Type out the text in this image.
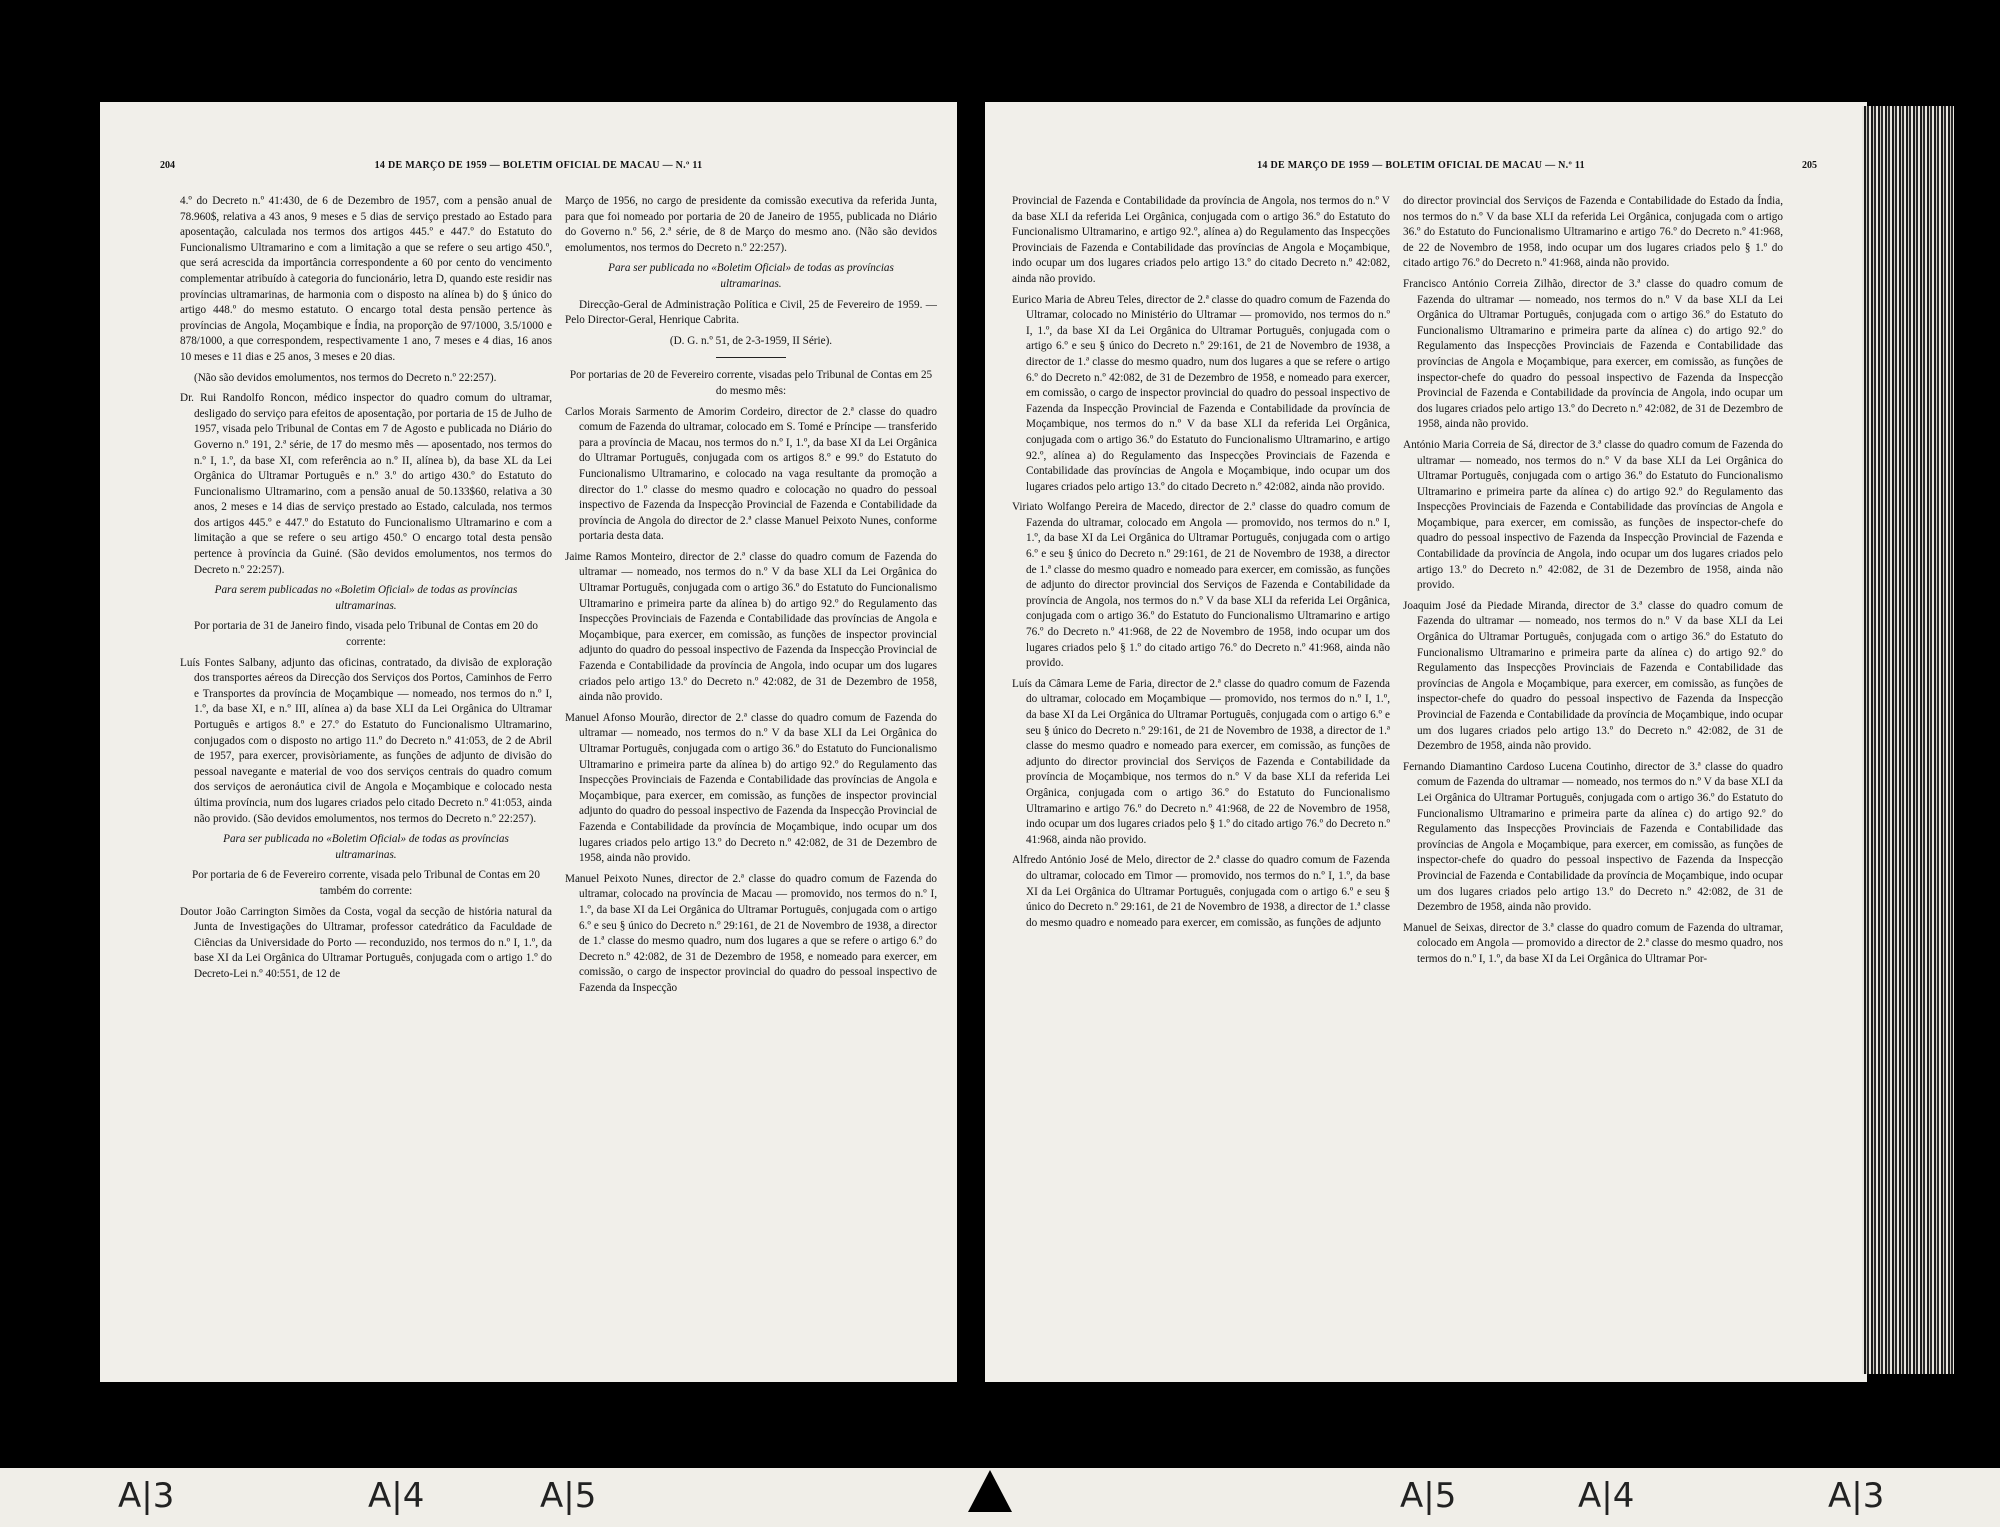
204	14 DE MARÇO DE 1959 — BOLETIM OFICIAL DE MACAU — N.º 11

4.º do Decreto n.º 41:430, de 6 de Dezembro de 1957, com a pensão anual de 78.960$, relativa a 43 anos, 9 meses e 5 dias de serviço prestado ao Estado para aposentação, calculada nos termos dos artigos 445.º e 447.º do Estatuto do Funcionalismo Ultramarino e com a limitação a que se refere o seu artigo 450.º, que será acrescida da importância correspondente a 60 por cento do vencimento complementar atribuído à categoria do funcionário, letra D, quando este residir nas províncias ultramarinas, de harmonia com o disposto na alínea b) do § único do artigo 448.º do mesmo estatuto. O encargo total desta pensão pertence às províncias de Angola, Moçambique e Índia, na proporção de 97/1000, 3.5/1000 e 878/1000, a que correspondem, respectivamente 1 ano, 7 meses e 4 dias, 16 anos 10 meses e 11 dias e 25 anos, 3 meses e 20 dias.

(Não são devidos emolumentos, nos termos do Decreto n.º 22:257).

Dr. Rui Randolfo Roncon, médico inspector do quadro comum do ultramar, desligado do serviço para efeitos de aposentação, por portaria de 15 de Julho de 1957, visada pelo Tribunal de Contas em 7 de Agosto e publicada no Diário do Governo n.º 191, 2.ª série, de 17 do mesmo mês — aposentado, nos termos do n.º I, 1.º, da base XI, com referência ao n.º II, alínea b), da base XL da Lei Orgânica do Ultramar Português e n.º 3.º do artigo 430.º do Estatuto do Funcionalismo Ultramarino, com a pensão anual de 50.133$60, relativa a 30 anos, 2 meses e 14 dias de serviço prestado ao Estado, calculada, nos termos dos artigos 445.º e 447.º do Estatuto do Funcionalismo Ultramarino e com a limitação a que se refere o seu artigo 450.º O encargo total desta pensão pertence à província da Guiné. (São devidos emolumentos, nos termos do Decreto n.º 22:257).

Para serem publicadas no «Boletim Oficial» de todas as províncias ultramarinas.

Por portaria de 31 de Janeiro findo, visada pelo Tribunal de Contas em 20 do corrente:

Luís Fontes Salbany, adjunto das oficinas, contratado, da divisão de exploração dos transportes aéreos da Direcção dos Serviços dos Portos, Caminhos de Ferro e Transportes da província de Moçambique — nomeado, nos termos do n.º I, 1.º, da base XI, e n.º III, alínea a) da base XLI da Lei Orgânica do Ultramar Português e artigos 8.º e 27.º do Estatuto do Funcionalismo Ultramarino, conjugados com o disposto no artigo 11.º do Decreto n.º 41:053, de 2 de Abril de 1957, para exercer, provisòriamente, as funções de adjunto de divisão do pessoal navegante e material de voo dos serviços centrais do quadro comum dos serviços de aeronáutica civil de Angola e Moçambique e colocado nesta última província, num dos lugares criados pelo citado Decreto n.º 41:053, ainda não provido. (São devidos emolumentos, nos termos do Decreto n.º 22:257).

Para ser publicada no «Boletim Oficial» de todas as províncias ultramarinas.

Por portaria de 6 de Fevereiro corrente, visada pelo Tribunal de Contas em 20 também do corrente:

Doutor João Carrington Simões da Costa, vogal da secção de história natural da Junta de Investigações do Ultramar, professor catedrático da Faculdade de Ciências da Universidade do Porto — reconduzido, nos termos do n.º I, 1.º, da base XI da Lei Orgânica do Ultramar Português, conjugada com o artigo 1.º do Decreto-Lei n.º 40:551, de 12 de

Março de 1956, no cargo de presidente da comissão executiva da referida Junta, para que foi nomeado por portaria de 20 de Janeiro de 1955, publicada no Diário do Governo n.º 56, 2.ª série, de 8 de Março do mesmo ano. (Não são devidos emolumentos, nos termos do Decreto n.º 22:257).

Para ser publicada no «Boletim Oficial» de todas as províncias ultramarinas.

Direcção-Geral de Administração Política e Civil, 25 de Fevereiro de 1959. — Pelo Director-Geral, Henrique Cabrita.

(D. G. n.º 51, de 2-3-1959, II Série).

Por portarias de 20 de Fevereiro corrente, visadas pelo Tribunal de Contas em 25 do mesmo mês:

Carlos Morais Sarmento de Amorim Cordeiro, director de 2.ª classe do quadro comum de Fazenda do ultramar, colocado em S. Tomé e Príncipe — transferido para a província de Macau, nos termos do n.º I, 1.º, da base XI da Lei Orgânica do Ultramar Português, conjugada com os artigos 8.º e 99.º do Estatuto do Funcionalismo Ultramarino, e colocado na vaga resultante da promoção a director do 1.º classe do mesmo quadro e colocação no quadro do pessoal inspectivo de Fazenda da Inspecção Provincial de Fazenda e Contabilidade da província de Angola do director de 2.ª classe Manuel Peixoto Nunes, conforme portaria desta data.

Jaime Ramos Monteiro, director de 2.ª classe do quadro comum de Fazenda do ultramar — nomeado, nos termos do n.º V da base XLI da Lei Orgânica do Ultramar Português, conjugada com o artigo 36.º do Estatuto do Funcionalismo Ultramarino e primeira parte da alínea b) do artigo 92.º do Regulamento das Inspecções Provinciais de Fazenda e Contabilidade das províncias de Angola e Moçambique, para exercer, em comissão, as funções de inspector provincial adjunto do quadro do pessoal inspectivo de Fazenda da Inspecção Provincial de Fazenda e Contabilidade da província de Angola, indo ocupar um dos lugares criados pelo artigo 13.º do Decreto n.º 42:082, de 31 de Dezembro de 1958, ainda não provido.

Manuel Afonso Mourão, director de 2.ª classe do quadro comum de Fazenda do ultramar — nomeado, nos termos do n.º V da base XLI da Lei Orgânica do Ultramar Português, conjugada com o artigo 36.º do Estatuto do Funcionalismo Ultramarino e primeira parte da alínea b) do artigo 92.º do Regulamento das Inspecções Provinciais de Fazenda e Contabilidade das províncias de Angola e Moçambique, para exercer, em comissão, as funções de inspector provincial adjunto do quadro do pessoal inspectivo de Fazenda da Inspecção Provincial de Fazenda e Contabilidade da província de Moçambique, indo ocupar um dos lugares criados pelo artigo 13.º do Decreto n.º 42:082, de 31 de Dezembro de 1958, ainda não provido.

Manuel Peixoto Nunes, director de 2.ª classe do quadro comum de Fazenda do ultramar, colocado na província de Macau — promovido, nos termos do n.º I, 1.º, da base XI da Lei Orgânica do Ultramar Português, conjugada com o artigo 6.º e seu § único do Decreto n.º 29:161, de 21 de Novembro de 1938, a director de 1.ª classe do mesmo quadro, num dos lugares a que se refere o artigo 6.º do Decreto n.º 42:082, de 31 de Dezembro de 1958, e nomeado para exercer, em comissão, o cargo de inspector provincial do quadro do pessoal inspectivo de Fazenda da Inspecção

14 DE MARÇO DE 1959 — BOLETIM OFICIAL DE MACAU — N.º 11	205

Provincial de Fazenda e Contabilidade da província de Angola, nos termos do n.º V da base XLI da referida Lei Orgânica, conjugada com o artigo 36.º do Estatuto do Funcionalismo Ultramarino, e artigo 92.º, alínea a) do Regulamento das Inspecções Provinciais de Fazenda e Contabilidade das províncias de Angola e Moçambique, indo ocupar um dos lugares criados pelo artigo 13.º do citado Decreto n.º 42:082, ainda não provido.

Eurico Maria de Abreu Teles, director de 2.ª classe do quadro comum de Fazenda do Ultramar, colocado no Ministério do Ultramar — promovido, nos termos do n.º I, 1.º, da base XI da Lei Orgânica do Ultramar Português, conjugada com o artigo 6.º e seu § único do Decreto n.º 29:161, de 21 de Novembro de 1938, a director de 1.ª classe do mesmo quadro, num dos lugares a que se refere o artigo 6.º do Decreto n.º 42:082, de 31 de Dezembro de 1958, e nomeado para exercer, em comissão, o cargo de inspector provincial do quadro do pessoal inspectivo de Fazenda da Inspecção Provincial de Fazenda e Contabilidade da província de Moçambique, nos termos do n.º V da base XLI da referida Lei Orgânica, conjugada com o artigo 36.º do Estatuto do Funcionalismo Ultramarino, e artigo 92.º, alínea a) do Regulamento das Inspecções Provinciais de Fazenda e Contabilidade das províncias de Angola e Moçambique, indo ocupar um dos lugares criados pelo artigo 13.º do citado Decreto n.º 42:082, ainda não provido.

Viriato Wolfango Pereira de Macedo, director de 2.ª classe do quadro comum de Fazenda do ultramar, colocado em Angola — promovido, nos termos do n.º I, 1.º, da base XI da Lei Orgânica do Ultramar Português, conjugada com o artigo 6.º e seu § único do Decreto n.º 29:161, de 21 de Novembro de 1938, a director de 1.ª classe do mesmo quadro e nomeado para exercer, em comissão, as funções de adjunto do director provincial dos Serviços de Fazenda e Contabilidade da província de Angola, nos termos do n.º V da base XLI da referida Lei Orgânica, conjugada com o artigo 36.º do Estatuto do Funcionalismo Ultramarino e artigo 76.º do Decreto n.º 41:968, de 22 de Novembro de 1958, indo ocupar um dos lugares criados pelo § 1.º do citado artigo 76.º do Decreto n.º 41:968, ainda não provido.

Luís da Câmara Leme de Faria, director de 2.ª classe do quadro comum de Fazenda do ultramar, colocado em Moçambique — promovido, nos termos do n.º I, 1.º, da base XI da Lei Orgânica do Ultramar Português, conjugada com o artigo 6.º e seu § único do Decreto n.º 29:161, de 21 de Novembro de 1938, a director de 1.ª classe do mesmo quadro e nomeado para exercer, em comissão, as funções de adjunto do director provincial dos Serviços de Fazenda e Contabilidade da província de Moçambique, nos termos do n.º V da base XLI da referida Lei Orgânica, conjugada com o artigo 36.º do Estatuto do Funcionalismo Ultramarino e artigo 76.º do Decreto n.º 41:968, de 22 de Novembro de 1958, indo ocupar um dos lugares criados pelo § 1.º do citado artigo 76.º do Decreto n.º 41:968, ainda não provido.

Alfredo António José de Melo, director de 2.ª classe do quadro comum de Fazenda do ultramar, colocado em Timor — promovido, nos termos do n.º I, 1.º, da base XI da Lei Orgânica do Ultramar Português, conjugada com o artigo 6.º e seu § único do Decreto n.º 29:161, de 21 de Novembro de 1938, a director de 1.ª classe do mesmo quadro e nomeado para exercer, em comissão, as funções de adjunto

do director provincial dos Serviços de Fazenda e Contabilidade do Estado da Índia, nos termos do n.º V da base XLI da referida Lei Orgânica, conjugada com o artigo 36.º do Estatuto do Funcionalismo Ultramarino e artigo 76.º do Decreto n.º 41:968, de 22 de Novembro de 1958, indo ocupar um dos lugares criados pelo § 1.º do citado artigo 76.º do Decreto n.º 41:968, ainda não provido.

Francisco António Correia Zilhão, director de 3.ª classe do quadro comum de Fazenda do ultramar — nomeado, nos termos do n.º V da base XLI da Lei Orgânica do Ultramar Português, conjugada com o artigo 36.º do Estatuto do Funcionalismo Ultramarino e primeira parte da alínea c) do artigo 92.º do Regulamento das Inspecções Provinciais de Fazenda e Contabilidade das províncias de Angola e Moçambique, para exercer, em comissão, as funções de inspector-chefe do quadro do pessoal inspectivo de Fazenda da Inspecção Provincial de Fazenda e Contabilidade da província de Angola, indo ocupar um dos lugares criados pelo artigo 13.º do Decreto n.º 42:082, de 31 de Dezembro de 1958, ainda não provido.

António Maria Correia de Sá, director de 3.ª classe do quadro comum de Fazenda do ultramar — nomeado, nos termos do n.º V da base XLI da Lei Orgânica do Ultramar Português, conjugada com o artigo 36.º do Estatuto do Funcionalismo Ultramarino e primeira parte da alínea c) do artigo 92.º do Regulamento das Inspecções Provinciais de Fazenda e Contabilidade das províncias de Angola e Moçambique, para exercer, em comissão, as funções de inspector-chefe do quadro do pessoal inspectivo de Fazenda da Inspecção Provincial de Fazenda e Contabilidade da província de Angola, indo ocupar um dos lugares criados pelo artigo 13.º do Decreto n.º 42:082, de 31 de Dezembro de 1958, ainda não provido.

Joaquim José da Piedade Miranda, director de 3.ª classe do quadro comum de Fazenda do ultramar — nomeado, nos termos do n.º V da base XLI da Lei Orgânica do Ultramar Português, conjugada com o artigo 36.º do Estatuto do Funcionalismo Ultramarino e primeira parte da alínea c) do artigo 92.º do Regulamento das Inspecções Provinciais de Fazenda e Contabilidade das províncias de Angola e Moçambique, para exercer, em comissão, as funções de inspector-chefe do quadro do pessoal inspectivo de Fazenda da Inspecção Provincial de Fazenda e Contabilidade da província de Moçambique, indo ocupar um dos lugares criados pelo artigo 13.º do Decreto n.º 42:082, de 31 de Dezembro de 1958, ainda não provido.

Fernando Diamantino Cardoso Lucena Coutinho, director de 3.ª classe do quadro comum de Fazenda do ultramar — nomeado, nos termos do n.º V da base XLI da Lei Orgânica do Ultramar Português, conjugada com o artigo 36.º do Estatuto do Funcionalismo Ultramarino e primeira parte da alínea c) do artigo 92.º do Regulamento das Inspecções Provinciais de Fazenda e Contabilidade das províncias de Angola e Moçambique, para exercer, em comissão, as funções de inspector-chefe do quadro do pessoal inspectivo de Fazenda da Inspecção Provincial de Fazenda e Contabilidade da província de Moçambique, indo ocupar um dos lugares criados pelo artigo 13.º do Decreto n.º 42:082, de 31 de Dezembro de 1958, ainda não provido.

Manuel de Seixas, director de 3.ª classe do quadro comum de Fazenda do ultramar, colocado em Angola — promovido a director de 2.ª classe do mesmo quadro, nos termos do n.º I, 1.º, da base XI da Lei Orgânica do Ultramar Por-

A|3	A|4	A|5	A|5	A|4	A|3
